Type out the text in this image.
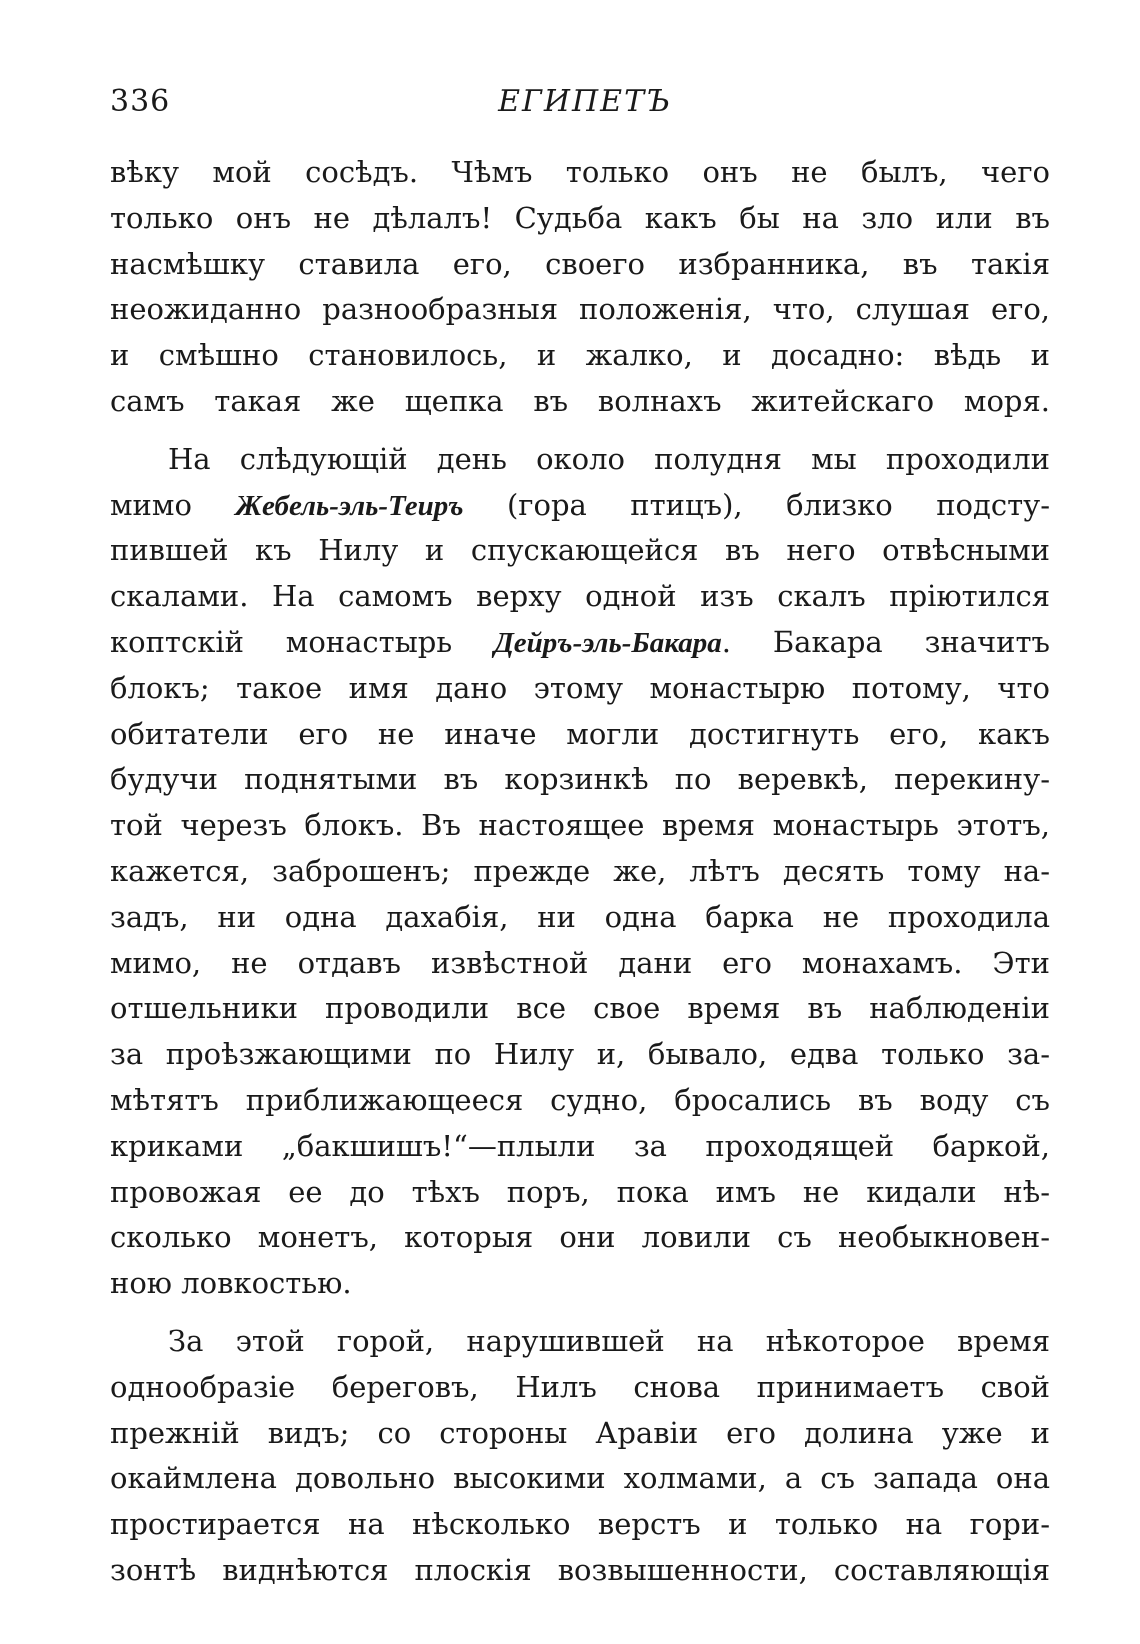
336	ЕГИПЕТЪ
вѣку мой сосѣдъ. Чѣмъ только онъ не былъ, чего
только онъ не дѣлалъ! Судьба какъ бы на зло или въ
насмѣшку ставила его, своего избранника, въ такія
неожиданно разнообразныя положенія, что, слушая его,
и смѣшно становилось, и жалко, и досадно: вѣдь и
самъ такая же щепка въ волнахъ житейскаго моря.
На слѣдующій день около полудня мы проходили
мимо Жебель-эль-Теиръ (гора птицъ), близко подсту-
пившей къ Нилу и спускающейся въ него отвѣсными
скалами. На самомъ верху одной изъ скалъ пріютился
коптскій монастырь Дейръ-эль-Бакара. Бакара значитъ
блокъ; такое имя дано этому монастырю потому, что
обитатели его не иначе могли достигнуть его, какъ
будучи поднятыми въ корзинкѣ по веревкѣ, перекину-
той черезъ блокъ. Въ настоящее время монастырь этотъ,
кажется, заброшенъ; прежде же, лѣтъ десять тому на-
задъ, ни одна дахабія, ни одна барка не проходила
мимо, не отдавъ извѣстной дани его монахамъ. Эти
отшельники проводили все свое время въ наблюденіи
за проѣзжающими по Нилу и, бывало, едва только за-
мѣтятъ приближающееся судно, бросались въ воду съ
криками „бакшишъ!“—плыли за проходящей баркой,
провожая ее до тѣхъ поръ, пока имъ не кидали нѣ-
сколько монетъ, которыя они ловили съ необыкновен-
ною ловкостью.
За этой горой, нарушившей на нѣкоторое время
однообразіе береговъ, Нилъ снова принимаетъ свой
прежній видъ; со стороны Аравіи его долина уже и
окаймлена довольно высокими холмами, а съ запада она
простирается на нѣсколько верстъ и только на гори-
зонтѣ виднѣются плоскія возвышенности, составляющія
